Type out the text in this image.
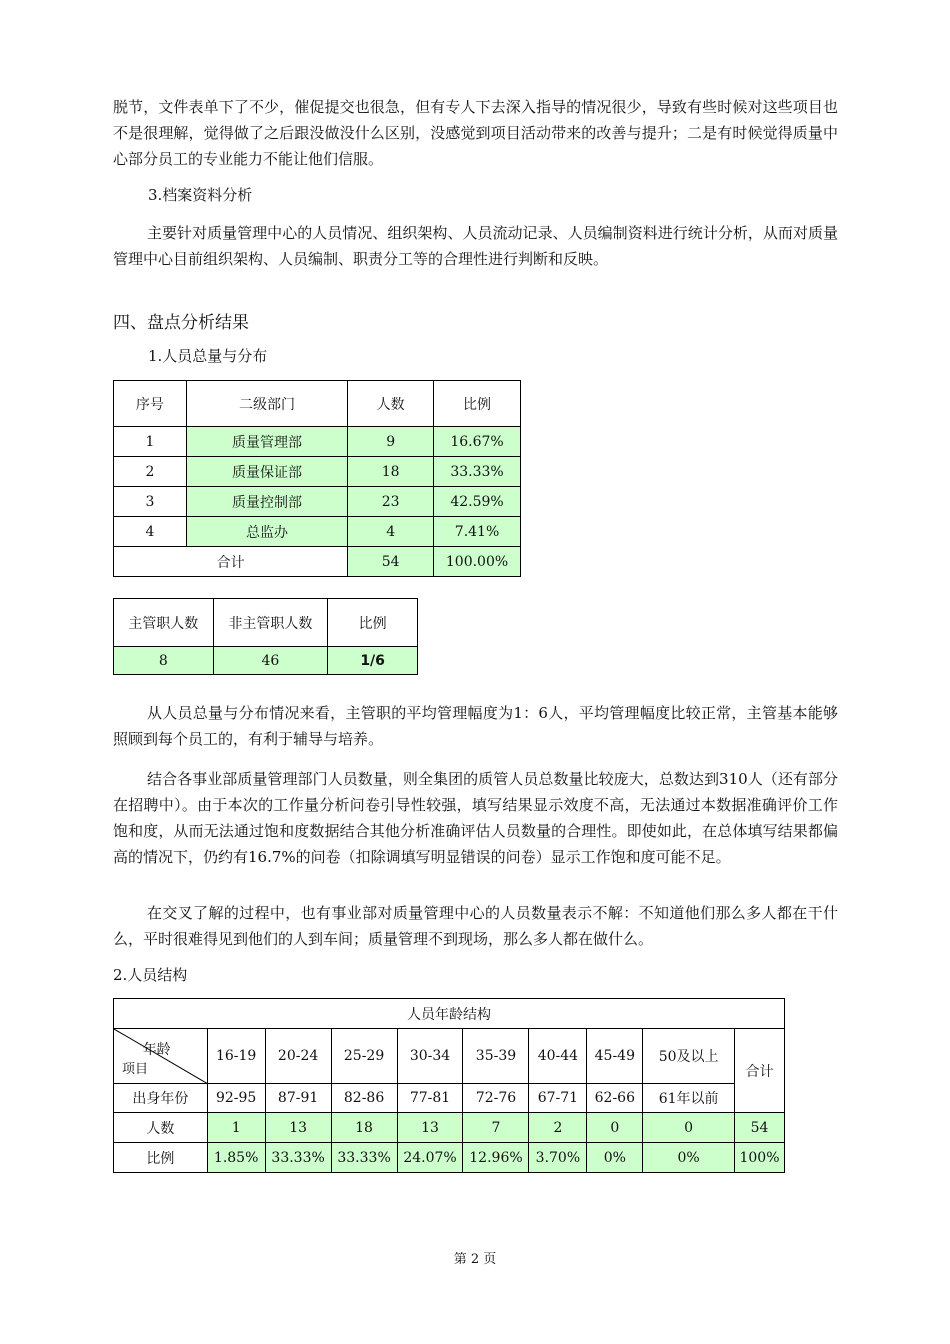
脱节，文件表单下了不少，催促提交也很急，但有专人下去深入指导的情况很少，导致有些时候对这些项目也不是很理解，觉得做了之后跟没做没什么区别，没感觉到项目活动带来的改善与提升；二是有时候觉得质量中心部分员工的专业能力不能让他们信服。

3.档案资料分析

主要针对质量管理中心的人员情况、组织架构、人员流动记录、人员编制资料进行统计分析，从而对质量管理中心目前组织架构、人员编制、职责分工等的合理性进行判断和反映。

四、盘点分析结果

1.人员总量与分布

序号	二级部门	人数	比例
1	质量管理部	9	16.67%
2	质量保证部	18	33.33%
3	质量控制部	23	42.59%
4	总监办	4	7.41%
合计		54	100.00%
主管职人数	非主管职人数	比例
8	46	1/6

从人员总量与分布情况来看，主管职的平均管理幅度为1：6人，平均管理幅度比较正常，主管基本能够照顾到每个员工的，有利于辅导与培养。

结合各事业部质量管理部门人员数量，则全集团的质管人员总数量比较庞大，总数达到310人（还有部分在招聘中）。由于本次的工作量分析问卷引导性较强，填写结果显示效度不高，无法通过本数据准确评价工作饱和度，从而无法通过饱和度数据结合其他分析准确评估人员数量的合理性。即使如此，在总体填写结果都偏高的情况下，仍约有16.7%的问卷（扣除调填写明显错误的问卷）显示工作饱和度可能不足。

在交叉了解的过程中，也有事业部对质量管理中心的人员数量表示不解：不知道他们那么多人都在干什么，平时很难得见到他们的人到车间；质量管理不到现场，那么多人都在做什么。

2.人员结构

人员年龄结构									

年龄
项目	16-19	20-24	25-29	30-34	35-39	40-44	45-49	50及以上	合计
出身年份	92-95	87-91	82-86	77-81	72-76	67-71	62-66	61年以前	
人数	1	13	18	13	7	2	0	0	54
比例	1.85%	33.33%	33.33%	24.07%	12.96%	3.70%	0%	0%	100%
第 2 页
